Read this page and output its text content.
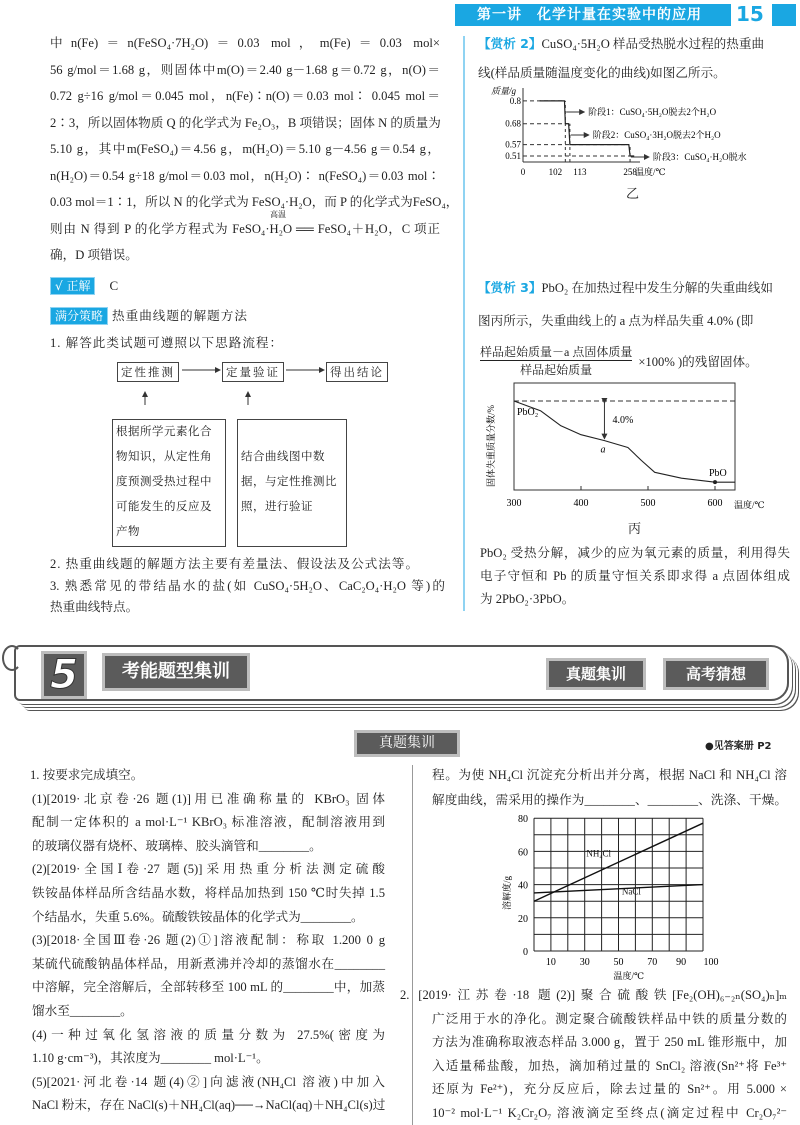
第一讲　化学计量在实验中的应用	15
中n(Fe)＝n(FeSO₄·7H₂O)＝0.03 mol，m(Fe)＝0.03 mol×
56 g/mol＝1.68 g，则固体中m(O)＝2.40 g－1.68 g＝0.72 g，n(O)＝
0.72 g÷16 g/mol＝0.045 mol，n(Fe)∶n(O)＝0.03 mol∶ 0.045 mol＝
2∶3，所以固体物质 Q 的化学式为 Fe₂O₃，B 项错误；固体 N 的质量为
5.10 g，其中m(FeSO₄)＝4.56 g，m(H₂O)＝5.10 g－4.56 g＝0.54 g，
n(H₂O)＝0.54 g÷18 g/mol＝0.03 mol，n(H₂O)∶ n(FeSO₄)＝0.03 mol∶
0.03 mol＝1∶1，所以 N 的化学式为 FeSO₄·H₂O，而 P 的化学式为FeSO₄，
则由 N 得到 P 的化学方程式为 FeSO₄·H₂O ══ FeSO₄＋H₂O，C 项正
确，D 项错误。
高温
√ 正解 C
满分策略 热重曲线题的解题方法
1. 解答此类试题可遵照以下思路流程：
定性推测	定量验证	得出结论
根据所学元素化合
物知识，从定性角
度预测受热过程中
可能发生的反应及
产物
结合曲线图中数
据，与定性推测比
照，进行验证
2. 热重曲线题的解题方法主要有差量法、假设法及公式法等。
3. 熟悉常见的带结晶水的盐(如 CuSO₄·5H₂O、CaC₂O₄·H₂O 等)的
热重曲线特点。
【赏析 2】CuSO₄·5H₂O 样品受热脱水过程的热重曲
线(样品质量随温度变化的曲线)如图乙所示。
质量/g
温度/℃
0.8
0.68
0.57
0.51
0	102 113	258
阶段1：CuSO₄·5H₂O脱去2个H₂O
阶段2：CuSO₄·3H₂O脱去2个H₂O
阶段3：CuSO₄·H₂O脱水
乙
【赏析 3】PbO₂ 在加热过程中发生分解的失重曲线如
图丙所示，失重曲线上的 a 点为样品失重 4.0% (即
样品起始质量－a 点固体质量
样品起始质量
×100% )的残留固体。
固体失重质量分数/%
300	400	500	600 温度/℃
4.0%
PbO₂
a
PbO
丙
PbO₂ 受热分解，减少的应为氧元素的质量，利用得失
电子守恒和 Pb 的质量守恒关系即求得 a 点固体组成
为 2PbO₂·3PbO。
5	考能题型集训	真题集训	高考猜想
真题集训	●见答案册 P2
1. 按要求完成填空。
(1)[2019·北京卷·26 题(1)]用已准确称量的 KBrO₃ 固体
配制一定体积的 a mol·L⁻¹ KBrO₃ 标准溶液，配制溶液用到
的玻璃仪器有烧杯、玻璃棒、胶头滴管和________。
(2)[2019·全国Ⅰ卷·27 题(5)]采用热重分析法测定硫酸
铁铵晶体样品所含结晶水数，将样品加热到 150 ℃时失掉 1.5
个结晶水，失重 5.6%。硫酸铁铵晶体的化学式为________。
(3)[2018·全国Ⅲ卷·26 题(2)①]溶液配制：称取 1.200 0 g
某硫代硫酸钠晶体样品，用新煮沸并冷却的蒸馏水在________
中溶解，完全溶解后，全部转移至 100 mL 的________中，加蒸
馏水至________。
(4)一种过氧化氢溶液的质量分数为 27.5%(密度为
1.10 g·cm⁻³)，其浓度为________ mol·L⁻¹。
(5)[2021·河北卷·14 题(4)②]向滤液(NH₄Cl 溶液)中加入
NaCl 粉末，存在 NaCl(s)＋NH₄Cl(aq)──→NaCl(aq)＋NH₄Cl(s)过
程。为使 NH₄Cl 沉淀充分析出并分离，根据 NaCl 和 NH₄Cl 溶
解度曲线，需采用的操作为________、________、洗涤、干燥。
0
20
40
60
80
10 30 50 70 90 100
溶解度/g
温度/℃
NH₄Cl
NaCl
2. [2019·江苏卷·18 题(2)]聚合硫酸铁[Fe₂(OH)₆₋₂ₙ(SO₄)ₙ]ₘ
广泛用于水的净化。测定聚合硫酸铁样品中铁的质量分数的
方法为准确称取液态样品 3.000 g，置于 250 mL 锥形瓶中，加
入适量稀盐酸，加热，滴加稍过量的 SnCl₂ 溶液(Sn²⁺将 Fe³⁺
还原为 Fe²⁺)，充分反应后，除去过量的 Sn²⁺。用 5.000 ×
10⁻² mol·L⁻¹ K₂Cr₂O₇ 溶液滴定至终点(滴定过程中 Cr₂O₇²⁻
